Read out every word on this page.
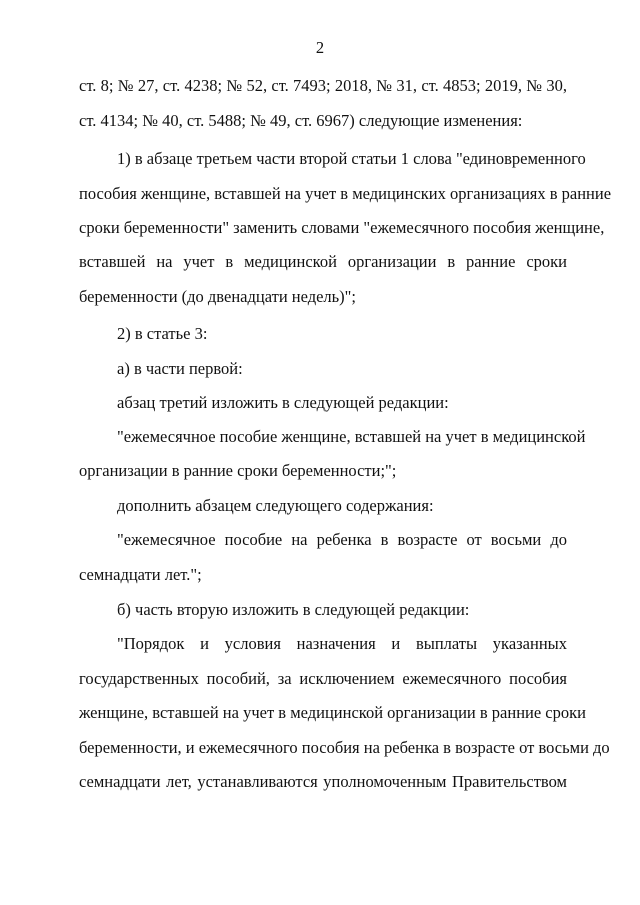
2
ст. 8; № 27, ст. 4238; № 52, ст. 7493; 2018, № 31, ст. 4853; 2019, № 30,
ст. 4134; № 40, ст. 5488; № 49, ст. 6967) следующие изменения:
1) в абзаце третьем части второй статьи 1 слова "единовременного
пособия женщине, вставшей на учет в медицинских организациях в ранние
сроки беременности" заменить словами "ежемесячного пособия женщине,
вставшей на учет в медицинской организации в ранние сроки
беременности (до двенадцати недель)";
2) в статье 3:
а) в части первой:
абзац третий изложить в следующей редакции:
"ежемесячное пособие женщине, вставшей на учет в медицинской
организации в ранние сроки беременности;";
дополнить абзацем следующего содержания:
"ежемесячное пособие на ребенка в возрасте от восьми до
семнадцати лет.";
б) часть вторую изложить в следующей редакции:
"Порядок и условия назначения и выплаты указанных
государственных пособий, за исключением ежемесячного пособия
женщине, вставшей на учет в медицинской организации в ранние сроки
беременности, и ежемесячного пособия на ребенка в возрасте от восьми до
семнадцати лет, устанавливаются уполномоченным Правительством
